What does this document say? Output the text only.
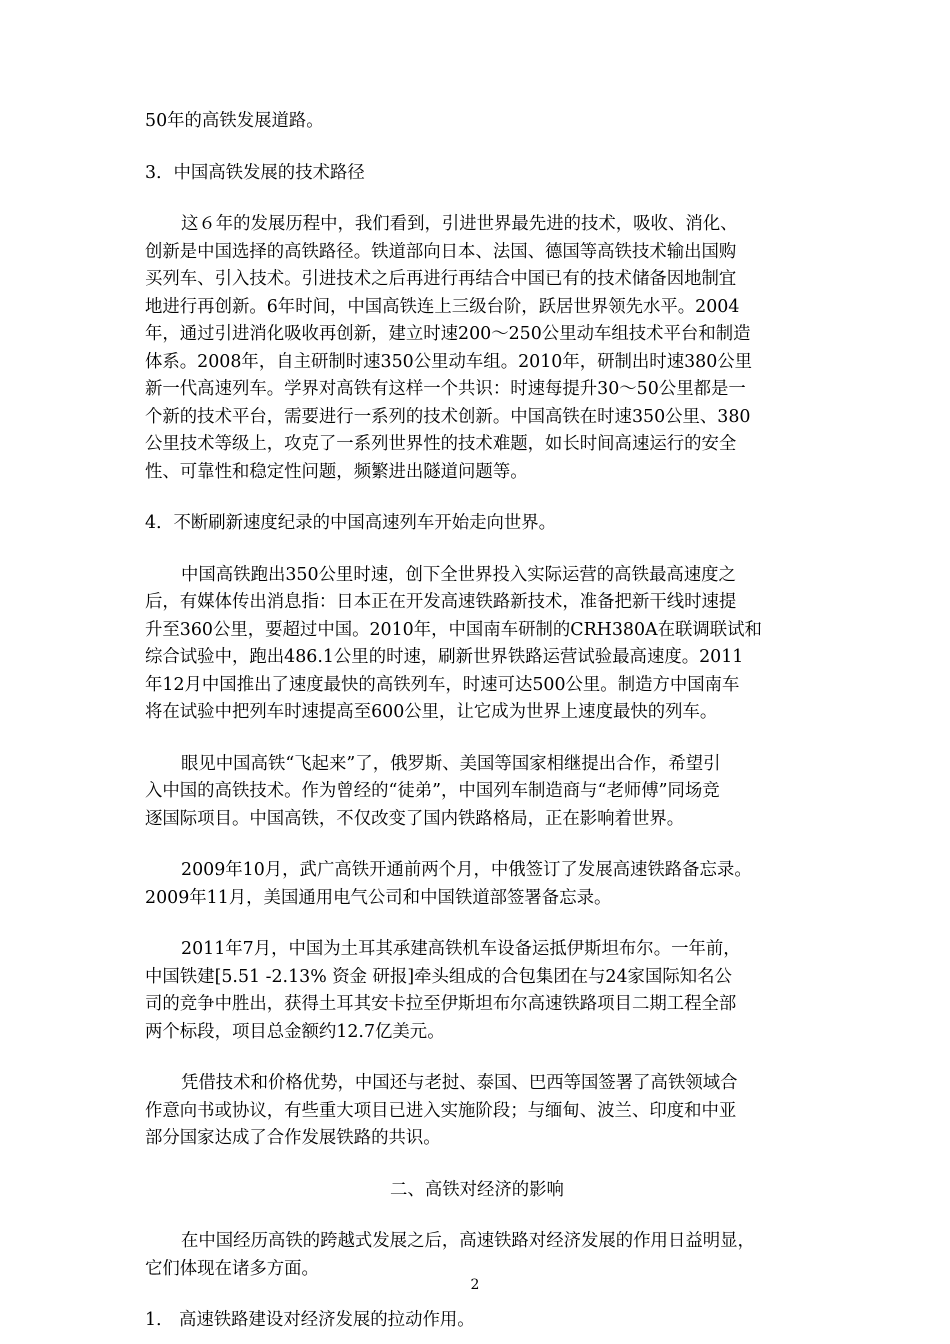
50年的高铁发展道路。

3．中国高铁发展的技术路径

这６年的发展历程中，我们看到，引进世界最先进的技术，吸收、消化、

创新是中国选择的高铁路径。铁道部向日本、法国、德国等高铁技术输出国购

买列车、引入技术。引进技术之后再进行再结合中国已有的技术储备因地制宜

地进行再创新。6年时间，中国高铁连上三级台阶，跃居世界领先水平。2004

年，通过引进消化吸收再创新，建立时速200～250公里动车组技术平台和制造

体系。2008年，自主研制时速350公里动车组。2010年，研制出时速380公里

新一代高速列车。学界对高铁有这样一个共识：时速每提升30～50公里都是一

个新的技术平台，需要进行一系列的技术创新。中国高铁在时速350公里、380

公里技术等级上，攻克了一系列世界性的技术难题，如长时间高速运行的安全

性、可靠性和稳定性问题，频繁进出隧道问题等。

4．不断刷新速度纪录的中国高速列车开始走向世界。

中国高铁跑出350公里时速，创下全世界投入实际运营的高铁最高速度之

后，有媒体传出消息指：日本正在开发高速铁路新技术，准备把新干线时速提

升至360公里，要超过中国。2010年，中国南车研制的CRH380A在联调联试和

综合试验中，跑出486.1公里的时速，刷新世界铁路运营试验最高速度。2011

年12月中国推出了速度最快的高铁列车，时速可达500公里。制造方中国南车

将在试验中把列车时速提高至600公里，让它成为世界上速度最快的列车。

眼见中国高铁“飞起来”了，俄罗斯、美国等国家相继提出合作，希望引

入中国的高铁技术。作为曾经的“徒弟”，中国列车制造商与“老师傅”同场竞

逐国际项目。中国高铁，不仅改变了国内铁路格局，正在影响着世界。

2009年10月，武广高铁开通前两个月，中俄签订了发展高速铁路备忘录。

2009年11月，美国通用电气公司和中国铁道部签署备忘录。

2011年7月，中国为土耳其承建高铁机车设备运抵伊斯坦布尔。一年前，

中国铁建[5.51 -2.13% 资金 研报]牵头组成的合包集团在与24家国际知名公

司的竞争中胜出，获得土耳其安卡拉至伊斯坦布尔高速铁路项目二期工程全部

两个标段，项目总金额约12.7亿美元。

凭借技术和价格优势，中国还与老挝、泰国、巴西等国签署了高铁领域合

作意向书或协议，有些重大项目已进入实施阶段；与缅甸、波兰、印度和中亚

部分国家达成了合作发展铁路的共识。

二、高铁对经济的影响

在中国经历高铁的跨越式发展之后，高速铁路对经济发展的作用日益明显，

它们体现在诸多方面。

1． 高速铁路建设对经济发展的拉动作用。

2
